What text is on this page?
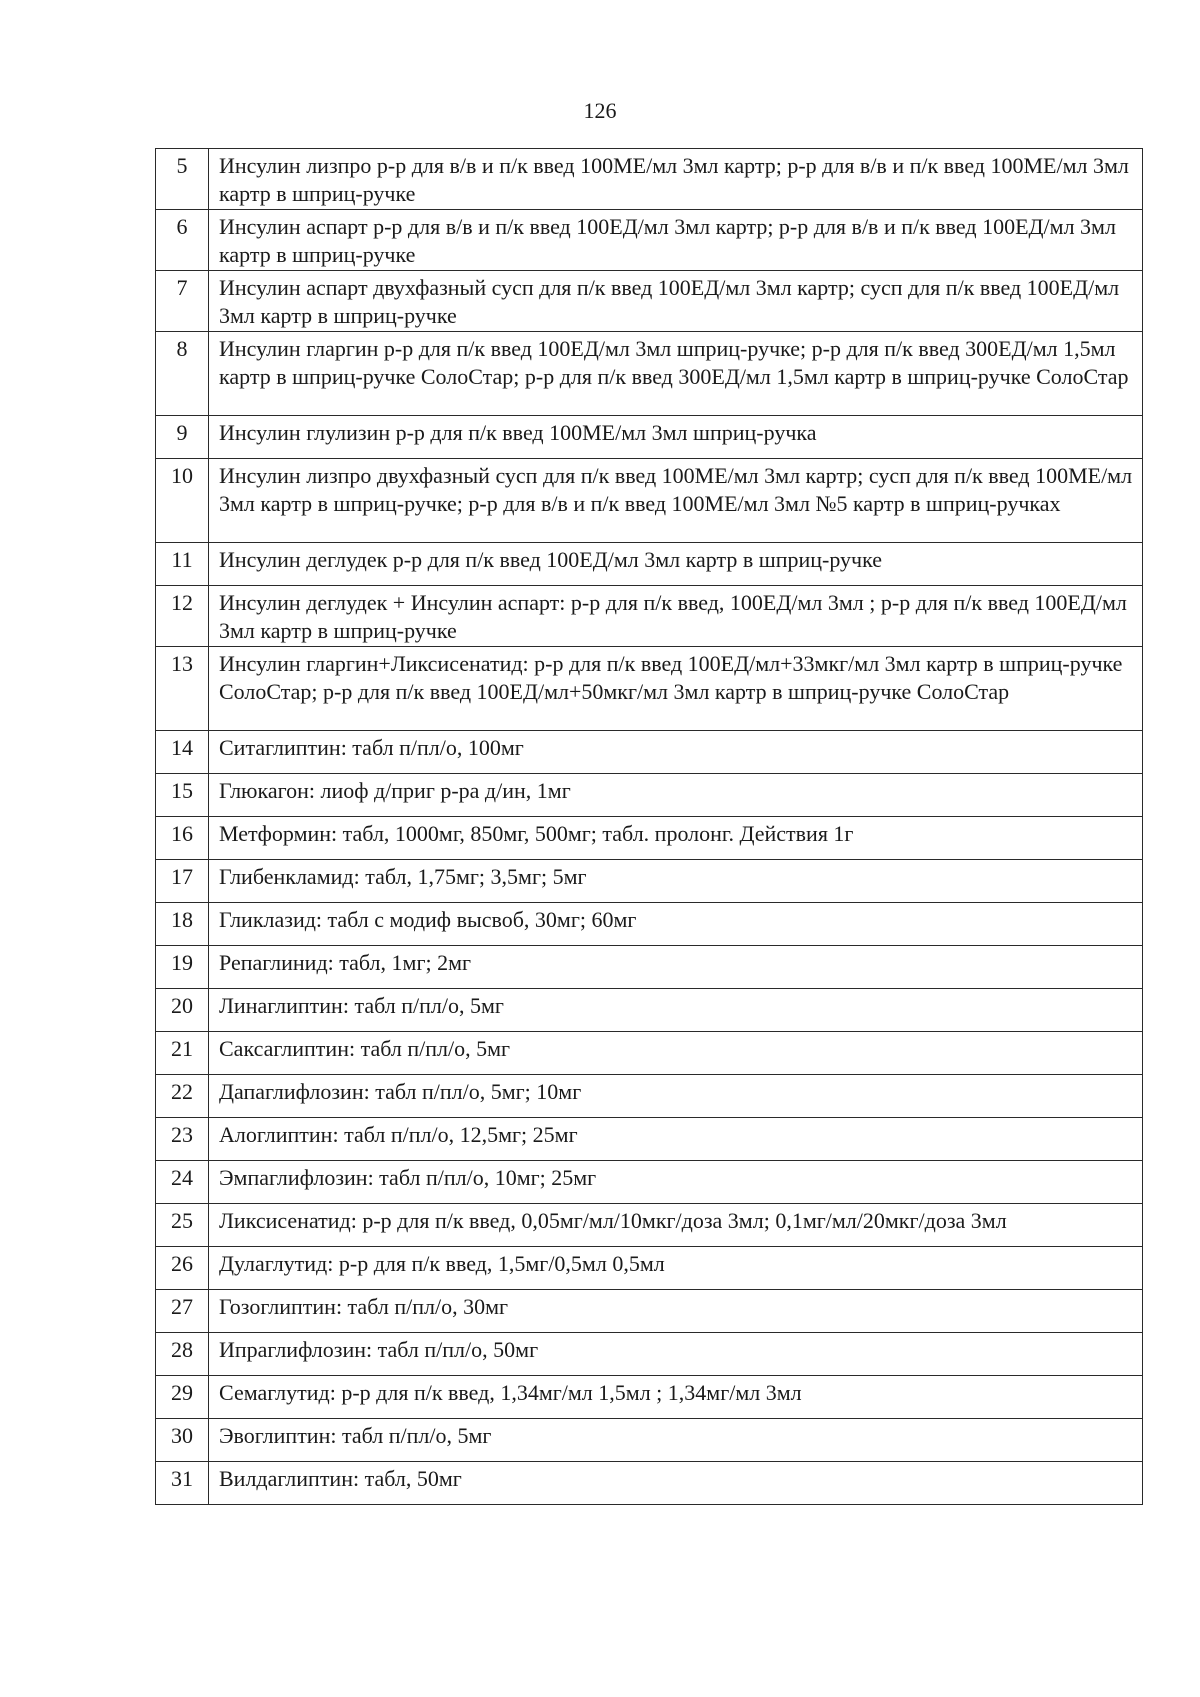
126
5	Инсулин лизпро р-р для в/в и п/к введ 100МЕ/мл 3мл картр; р-р для в/в и п/к введ 100МЕ/мл 3мл картр в шприц-ручке
6	Инсулин аспарт р-р для в/в и п/к введ 100ЕД/мл 3мл картр; р-р для в/в и п/к введ 100ЕД/мл 3мл картр в шприц-ручке
7	Инсулин аспарт двухфазный сусп для п/к введ 100ЕД/мл 3мл картр; сусп для п/к введ 100ЕД/мл 3мл картр в шприц-ручке
8	Инсулин гларгин р-р для п/к введ 100ЕД/мл 3мл шприц-ручке; р-р для п/к введ 300ЕД/мл 1,5мл картр в шприц-ручке СолоСтар; р-р для п/к введ 300ЕД/мл 1,5мл картр в шприц-ручке СолоСтар
9	Инсулин глулизин р-р для п/к введ 100МЕ/мл 3мл шприц-ручка
10	Инсулин лизпро двухфазный сусп для п/к введ 100МЕ/мл 3мл картр; сусп для п/к введ 100МЕ/мл 3мл картр в шприц-ручке; р-р для в/в и п/к введ 100МЕ/мл 3мл №5 картр в шприц-ручках
11	Инсулин деглудек р-р для п/к введ 100ЕД/мл 3мл картр в шприц-ручке
12	Инсулин деглудек + Инсулин аспарт: р-р для п/к введ, 100ЕД/мл 3мл ; р-р для п/к введ 100ЕД/мл 3мл картр в шприц-ручке
13	Инсулин гларгин+Ликсисенатид: р-р для п/к введ 100ЕД/мл+33мкг/мл 3мл картр в шприц-ручке СолоСтар; р-р для п/к введ 100ЕД/мл+50мкг/мл 3мл картр в шприц-ручке СолоСтар
14	Ситаглиптин: табл п/пл/о, 100мг
15	Глюкагон: лиоф д/приг р-ра д/ин, 1мг
16	Метформин: табл, 1000мг, 850мг, 500мг; табл. пролонг. Действия 1г
17	Глибенкламид: табл, 1,75мг; 3,5мг; 5мг
18	Гликлазид: табл с модиф высвоб, 30мг; 60мг
19	Репаглинид: табл, 1мг; 2мг
20	Линаглиптин: табл п/пл/о, 5мг
21	Саксаглиптин: табл п/пл/о, 5мг
22	Дапаглифлозин: табл п/пл/о, 5мг; 10мг
23	Алоглиптин: табл п/пл/о, 12,5мг; 25мг
24	Эмпаглифлозин: табл п/пл/о, 10мг; 25мг
25	Ликсисенатид: р-р для п/к введ, 0,05мг/мл/10мкг/доза 3мл; 0,1мг/мл/20мкг/доза 3мл
26	Дулаглутид: р-р для п/к введ, 1,5мг/0,5мл 0,5мл
27	Гозоглиптин: табл п/пл/о, 30мг
28	Ипраглифлозин: табл п/пл/о, 50мг
29	Семаглутид: р-р для п/к введ, 1,34мг/мл 1,5мл ; 1,34мг/мл 3мл
30	Эвоглиптин: табл п/пл/о, 5мг
31	Вилдаглиптин: табл, 50мг
